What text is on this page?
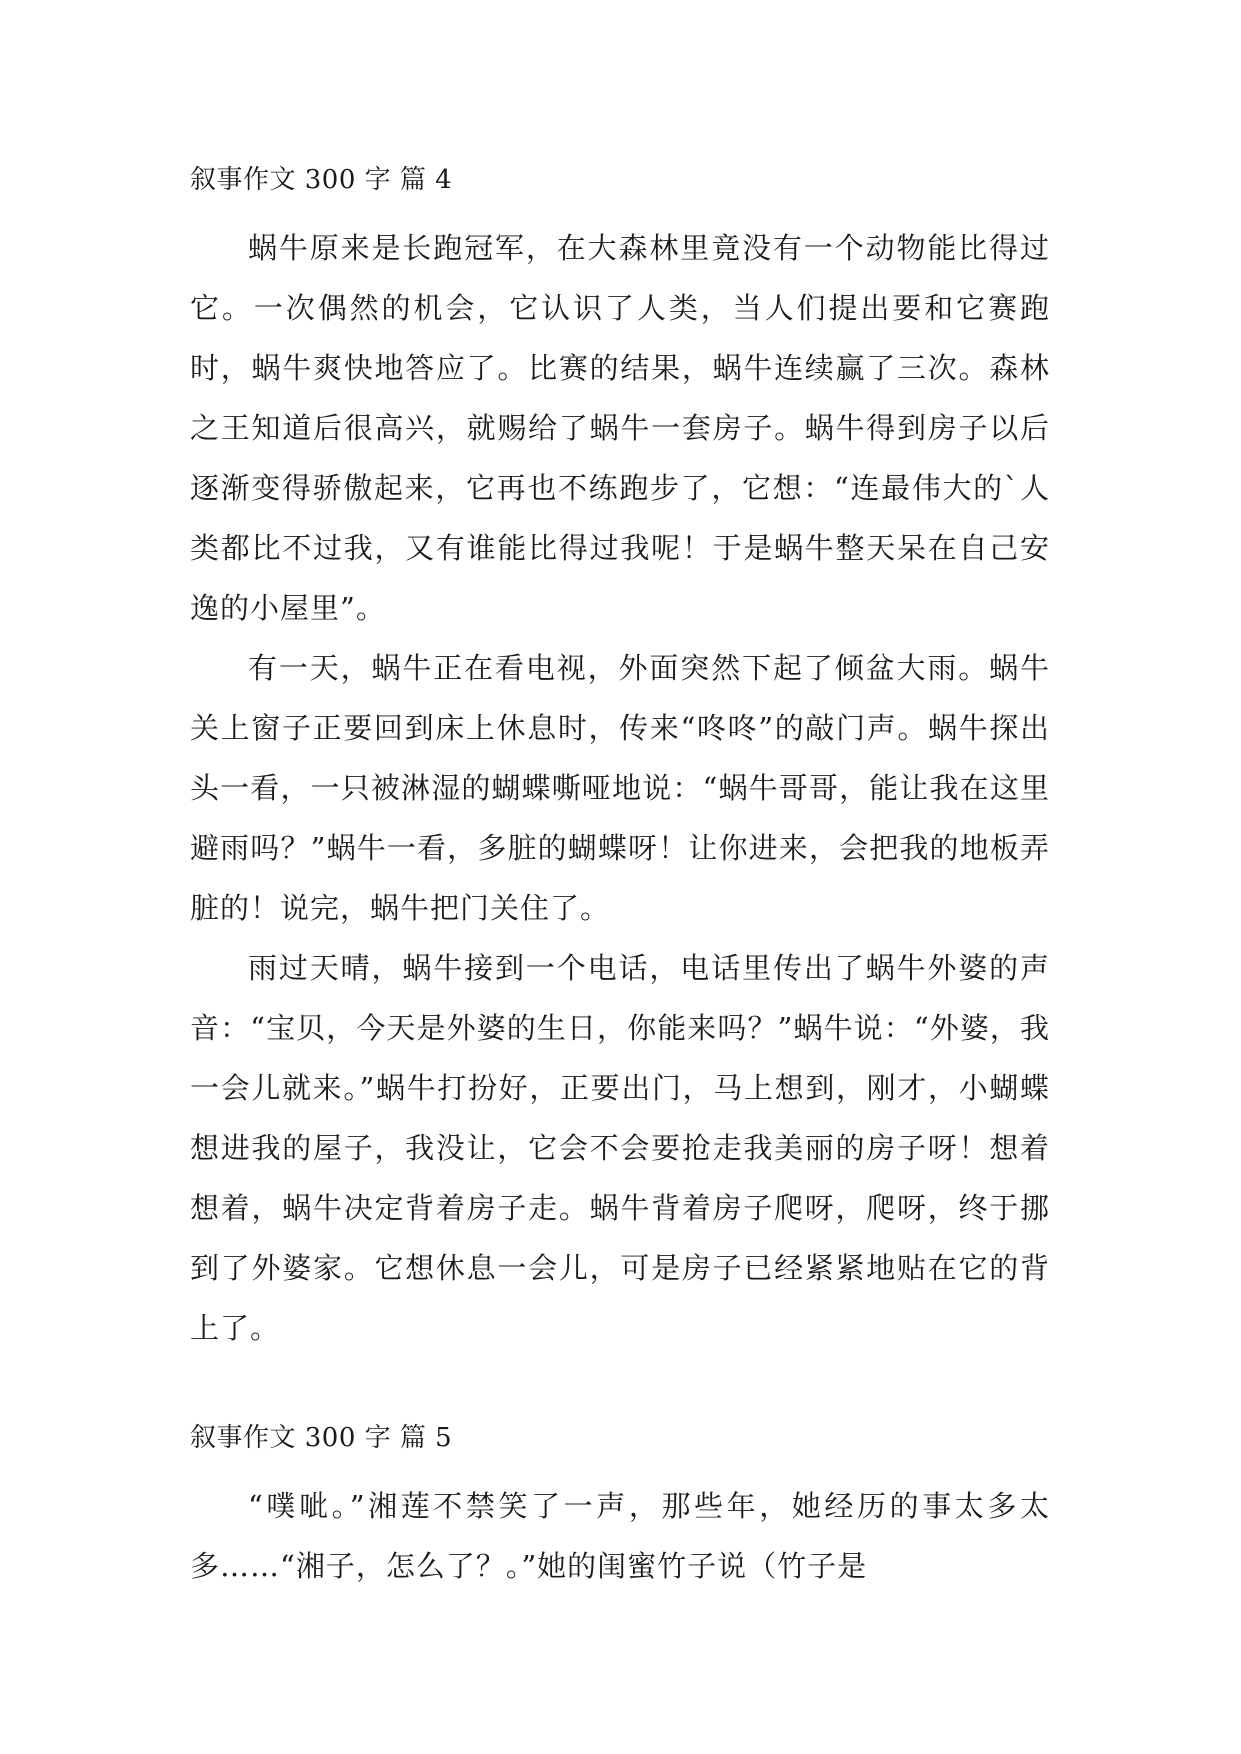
叙事作文 300 字 篇 4

蜗牛原来是长跑冠军，在大森林里竟没有一个动物能比得过它。一次偶然的机会，它认识了人类，当人们提出要和它赛跑时，蜗牛爽快地答应了。比赛的结果，蜗牛连续赢了三次。森林之王知道后很高兴，就赐给了蜗牛一套房子。蜗牛得到房子以后逐渐变得骄傲起来，它再也不练跑步了，它想：“连最伟大的`人类都比不过我，又有谁能比得过我呢！于是蜗牛整天呆在自己安逸的小屋里”。

有一天，蜗牛正在看电视，外面突然下起了倾盆大雨。蜗牛关上窗子正要回到床上休息时，传来“咚咚”的敲门声。蜗牛探出头一看，一只被淋湿的蝴蝶嘶哑地说：“蜗牛哥哥，能让我在这里避雨吗？”蜗牛一看，多脏的蝴蝶呀！让你进来，会把我的地板弄脏的！说完，蜗牛把门关住了。

雨过天晴，蜗牛接到一个电话，电话里传出了蜗牛外婆的声音：“宝贝，今天是外婆的生日，你能来吗？”蜗牛说：“外婆，我一会儿就来。”蜗牛打扮好，正要出门，马上想到，刚才，小蝴蝶想进我的屋子，我没让，它会不会要抢走我美丽的房子呀！想着想着，蜗牛决定背着房子走。蜗牛背着房子爬呀，爬呀，终于挪到了外婆家。它想休息一会儿，可是房子已经紧紧地贴在它的背上了。

叙事作文 300 字 篇 5

“噗呲。”湘莲不禁笑了一声，那些年，她经历的事太多太多……“湘子，怎么了？。”她的闺蜜竹子说（竹子是
